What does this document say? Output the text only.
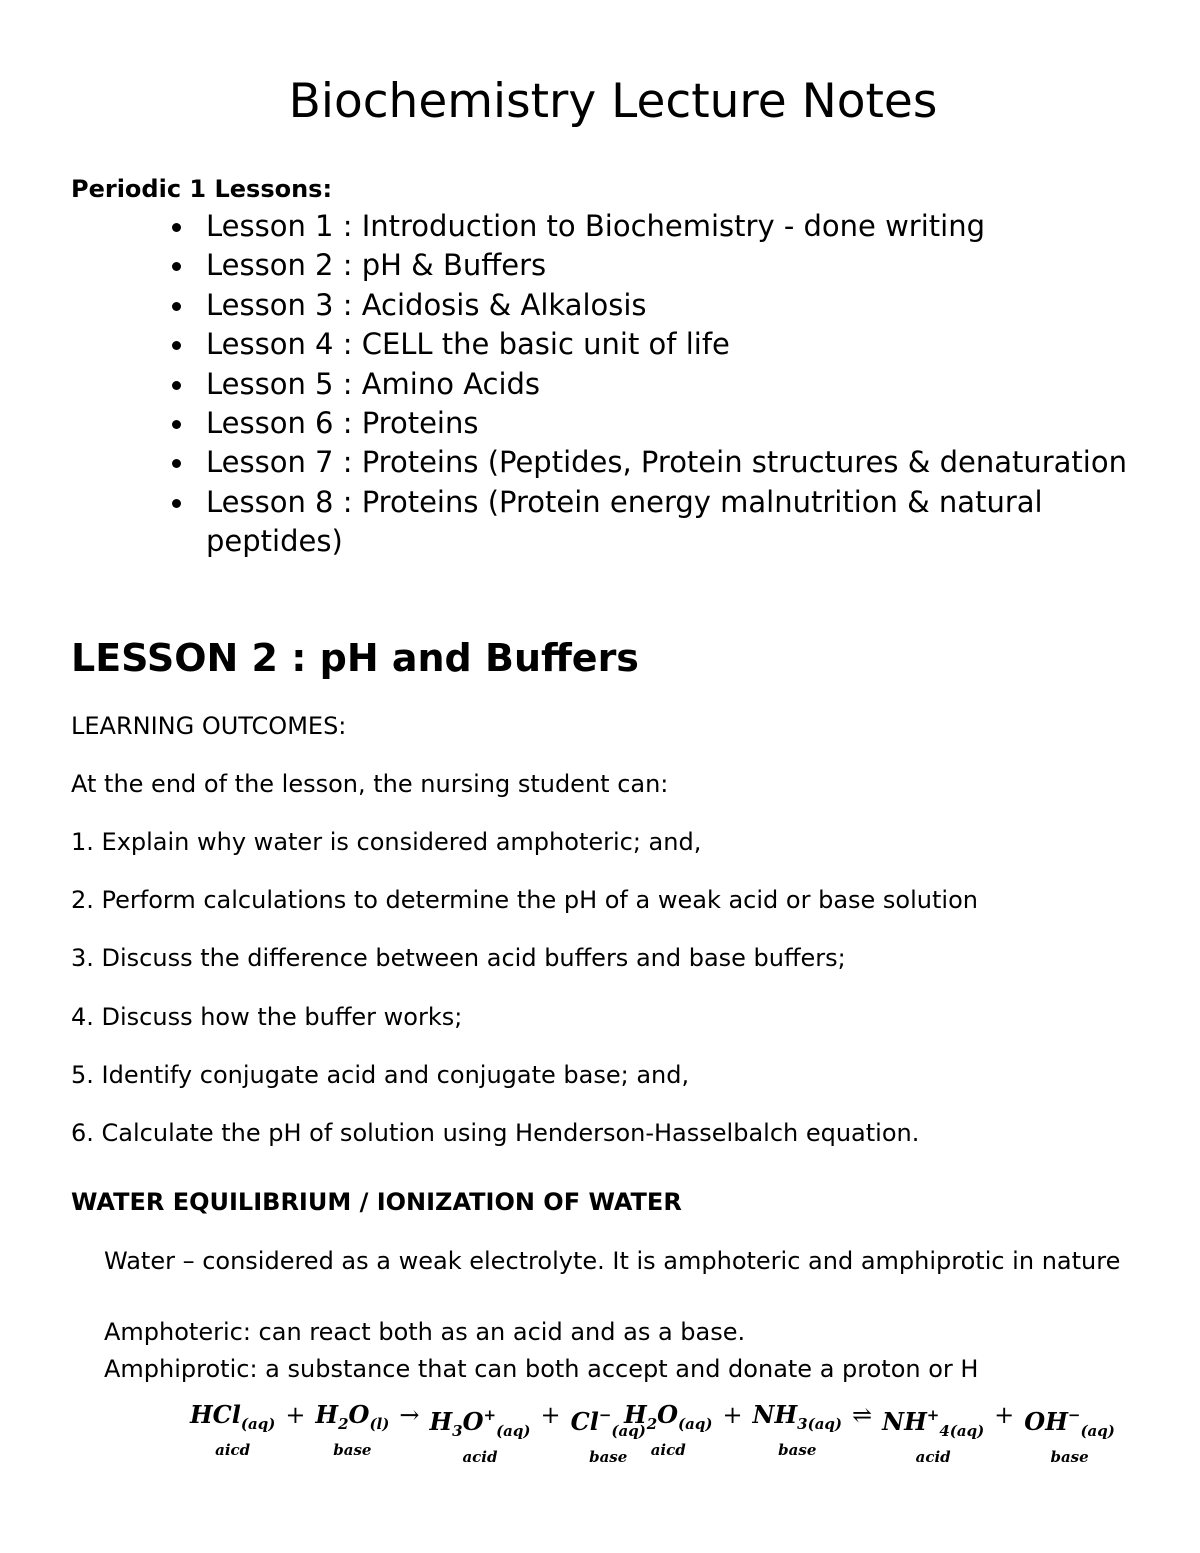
Biochemistry Lecture Notes
Periodic 1 Lessons:
Lesson 1 : Introduction to Biochemistry - done writing
Lesson 2 : pH & Buffers
Lesson 3 : Acidosis & Alkalosis
Lesson 4 : CELL the basic unit of life
Lesson 5 : Amino Acids
Lesson 6 : Proteins
Lesson 7 : Proteins (Peptides, Protein structures & denaturation
Lesson 8 : Proteins (Protein energy malnutrition & natural peptides)
LESSON 2 : pH and Buffers
LEARNING OUTCOMES:
At the end of the lesson, the nursing student can:
1. Explain why water is considered amphoteric; and,
2. Perform calculations to determine the pH of a weak acid or base solution
3. Discuss the difference between acid buffers and base buffers;
4. Discuss how the buffer works;
5. Identify conjugate acid and conjugate base; and,
6. Calculate the pH of solution using Henderson-Hasselbalch equation.
WATER EQUILIBRIUM / IONIZATION OF WATER
Water – considered as a weak electrolyte. It is amphoteric and amphiprotic in nature
Amphoteric: can react both as an acid and as a base.
Amphiprotic: a substance that can both accept and donate a proton or H
HCl$_{(aq)}$
aicd
+ $H_2O_{(l)}$
base
→ $H_3O^+_{(aq)}$
acid
+ $Cl^-_{(aq)}$
base
$H_2O_{(aq)}$
aicd
+ $NH_{3(aq)}$
base
⇌ $NH^+_{4(aq)}$
acid
+ $OH^-_{(aq)}$
base
